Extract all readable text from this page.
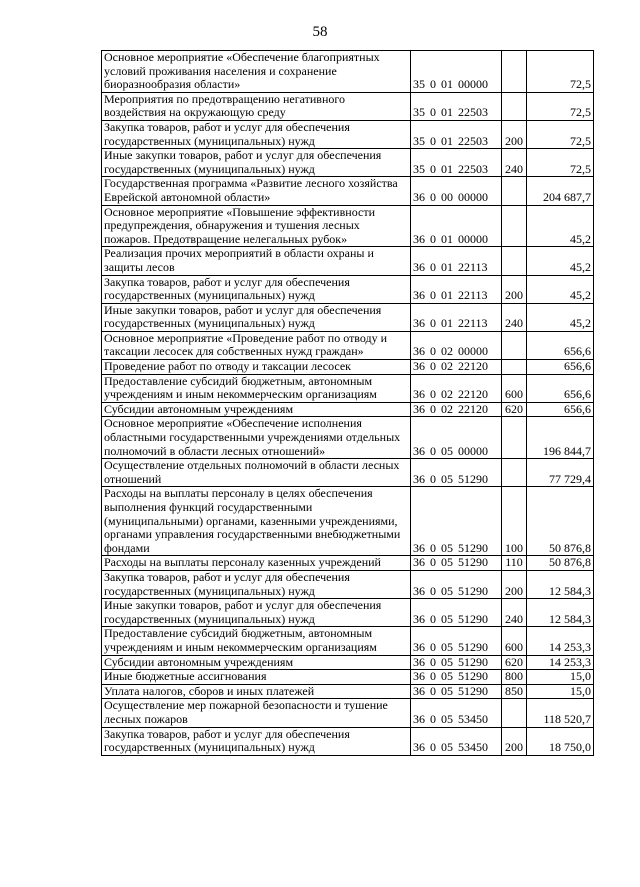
58
Основное мероприятие «Обеспечение благоприятных условий проживания населения и сохранение биоразнообразия области»	35 0 01 00000		72,5
Мероприятия по предотвращению негативного воздействия на окружающую среду	35 0 01 22503		72,5
Закупка товаров, работ и услуг для обеспечения государственных (муниципальных) нужд	35 0 01 22503	200	72,5
Иные закупки товаров, работ и услуг для обеспечения государственных (муниципальных) нужд	35 0 01 22503	240	72,5
Государственная программа «Развитие лесного хозяйства Еврейской автономной области»	36 0 00 00000		204 687,7
Основное мероприятие «Повышение эффективности предупреждения, обнаружения и тушения лесных пожаров. Предотвращение нелегальных рубок»	36 0 01 00000		45,2
Реализация прочих мероприятий в области охраны и защиты лесов	36 0 01 22113		45,2
Закупка товаров, работ и услуг для обеспечения государственных (муниципальных) нужд	36 0 01 22113	200	45,2
Иные закупки товаров, работ и услуг для обеспечения государственных (муниципальных) нужд	36 0 01 22113	240	45,2
Основное мероприятие «Проведение работ по отводу и таксации лесосек для собственных нужд граждан»	36 0 02 00000		656,6
Проведение работ по отводу и таксации лесосек	36 0 02 22120		656,6
Предоставление субсидий бюджетным, автономным учреждениям и иным некоммерческим организациям	36 0 02 22120	600	656,6
Субсидии автономным учреждениям	36 0 02 22120	620	656,6
Основное мероприятие «Обеспечение исполнения областными государственными учреждениями отдельных полномочий в области лесных отношений»	36 0 05 00000		196 844,7
Осуществление отдельных полномочий в области лесных отношений	36 0 05 51290		77 729,4
Расходы на выплаты персоналу в целях обеспечения выполнения функций государственными (муниципальными) органами, казенными учреждениями, органами управления государственными внебюджетными фондами	36 0 05 51290	100	50 876,8
Расходы на выплаты персоналу казенных учреждений	36 0 05 51290	110	50 876,8
Закупка товаров, работ и услуг для обеспечения государственных (муниципальных) нужд	36 0 05 51290	200	12 584,3
Иные закупки товаров, работ и услуг для обеспечения государственных (муниципальных) нужд	36 0 05 51290	240	12 584,3
Предоставление субсидий бюджетным, автономным учреждениям и иным некоммерческим организациям	36 0 05 51290	600	14 253,3
Субсидии автономным учреждениям	36 0 05 51290	620	14 253,3
Иные бюджетные ассигнования	36 0 05 51290	800	15,0
Уплата налогов, сборов и иных платежей	36 0 05 51290	850	15,0
Осуществление мер пожарной безопасности и тушение лесных пожаров	36 0 05 53450		118 520,7
Закупка товаров, работ и услуг для обеспечения государственных (муниципальных) нужд	36 0 05 53450	200	18 750,0
